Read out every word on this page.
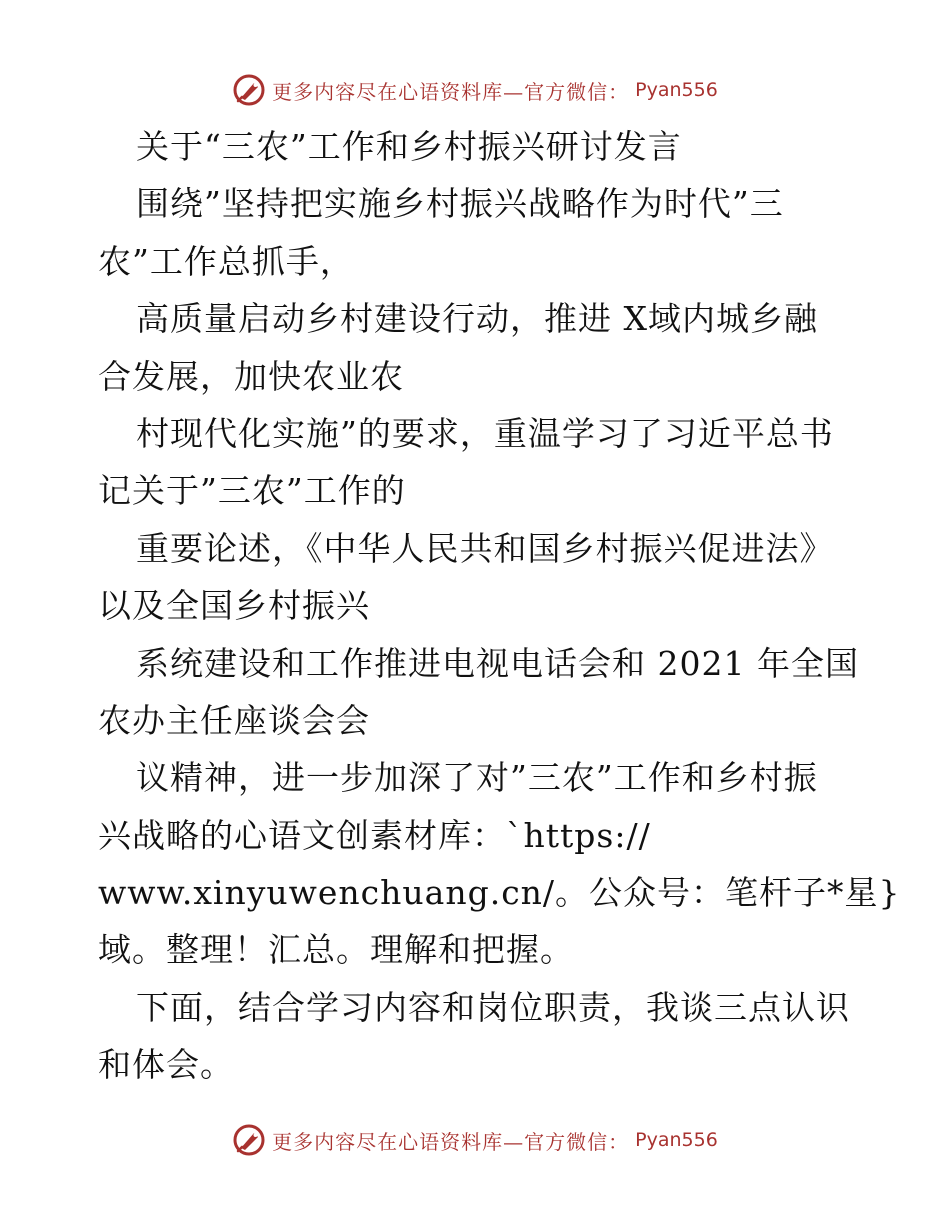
更多内容尽在心语资料库—官方微信： Pyan556
关于“三农”工作和乡村振兴研讨发言
围绕”坚持把实施乡村振兴战略作为时代”三
农”工作总抓手，
高质量启动乡村建设行动，推进 X域内城乡融
合发展，加快农业农
村现代化实施”的要求，重温学习了习近平总书
记关于”三农”工作的
重要论述，《中华人民共和国乡村振兴促进法》
以及全国乡村振兴
系统建设和工作推进电视电话会和 2021 年全国
农办主任座谈会会
议精神，进一步加深了对”三农”工作和乡村振
兴战略的心语文创素材库：`https://
www.xinyuwenchuang.cn/。公众号：笔杆子*星}
域。整理！汇总。理解和把握。
下面，结合学习内容和岗位职责，我谈三点认识
和体会。
更多内容尽在心语资料库—官方微信： Pyan556
